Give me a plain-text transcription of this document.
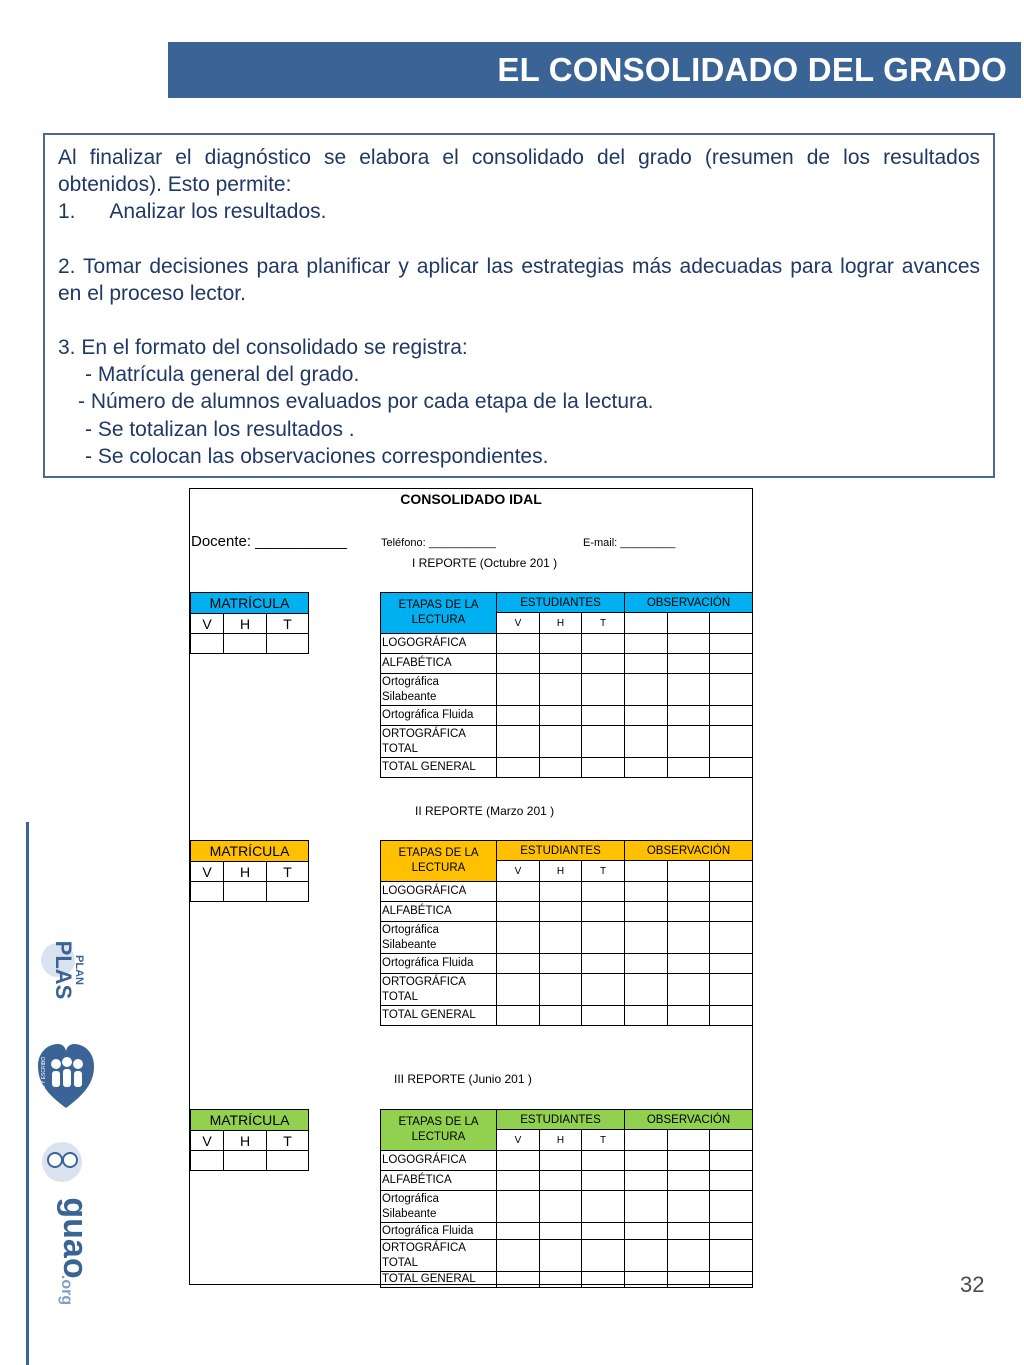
EL CONSOLIDADO DEL GRADO

Al finalizar el diagnóstico se elabora el consolidado del grado (resumen de los resultados obtenidos). Esto permite:

1.      Analizar los resultados.

2. Tomar decisiones para planificar y aplicar las estrategias más adecuadas para lograr avances en el proceso lector.

3. En el formato del consolidado se registra:

- Matrícula general del grado.

- Número de alumnos evaluados por cada etapa de la lectura.

- Se totalizan los resultados .

- Se colocan las observaciones correspondientes.

CONSOLIDADO IDAL
Docente: ___________	Teléfono: ___________	E-mail: _________
I REPORTE (Octubre 201 )
MATRÍCULA		
V	H	T

ETAPAS DE LA LECTURA	ESTUDIANTES			OBSERVACIÓN		
	V	H	T			
LOGOGRÁFICA						
ALFABÉTICA						
Ortográfica Silabeante						
Ortográfica Fluida						
ORTOGRÁFICA TOTAL						
TOTAL GENERAL						
II REPORTE (Marzo 201 )
MATRÍCULA		
V	H	T

ETAPAS DE LA LECTURA	ESTUDIANTES			OBSERVACIÓN		
	V	H	T			
LOGOGRÁFICA						
ALFABÉTICA						
Ortográfica Silabeante						
Ortográfica Fluida						
ORTOGRÁFICA TOTAL						
TOTAL GENERAL						
III REPORTE (Junio 201 )
MATRÍCULA		
V	H	T

ETAPAS DE LA LECTURA	ESTUDIANTES			OBSERVACIÓN		
	V	H	T			
LOGOGRÁFICA						
ALFABÉTICA						
Ortográfica Silabeante						
Ortográfica Fluida						
ORTOGRÁFICA TOTAL						
TOTAL GENERAL						
PLAN
PLAS
LEO Y ESCRIBO
guao
.org	32
